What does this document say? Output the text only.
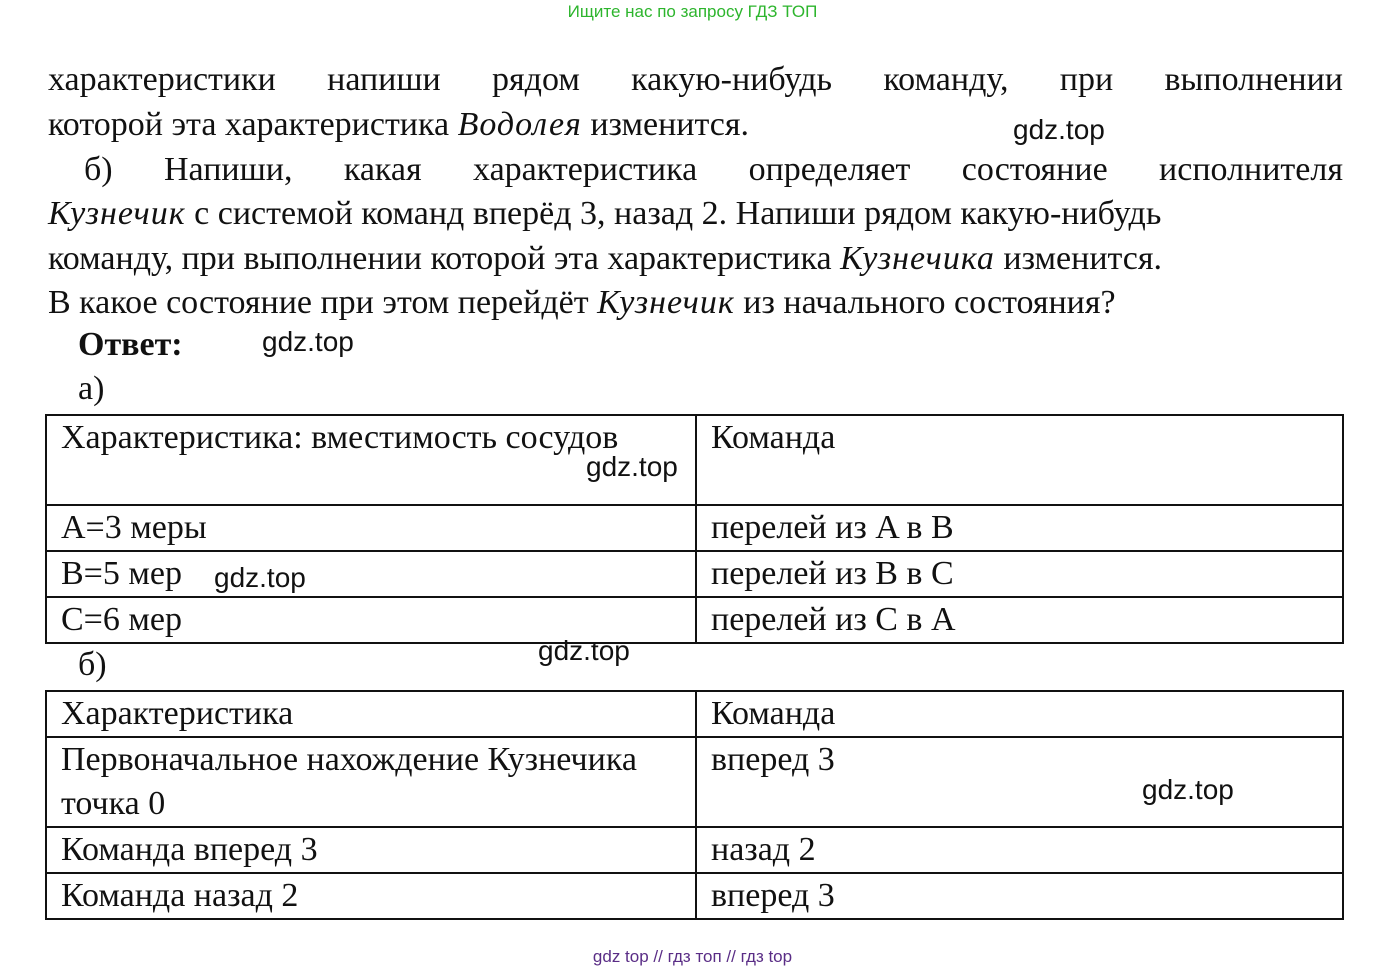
Ищите нас по запросу ГДЗ ТОП
характеристики напиши рядом какую-нибудь команду, при выполнении
которой эта характеристика Водолея изменится.
б) Напиши, какая характеристика определяет состояние исполнителя
Кузнечик с системой команд вперёд 3, назад 2. Напиши рядом какую-нибудь
команду, при выполнении которой эта характеристика Кузнечика изменится.
В какое состояние при этом перейдёт Кузнечик из начального состояния?
Ответ:
а)
Характеристика: вместимость сосудов	Команда
A=3 меры	перелей из A в B
B=5 мер	перелей из B в C
C=6 мер	перелей из C в A
б)
Характеристика	Команда
Первоначальное нахождение Кузнечика точка 0	вперед 3
Команда вперед 3	назад 2
Команда назад 2	вперед 3
gdz.top
gdz.top
gdz.top
gdz.top
gdz.top
gdz.top
gdz top // гдз топ // гдз top
